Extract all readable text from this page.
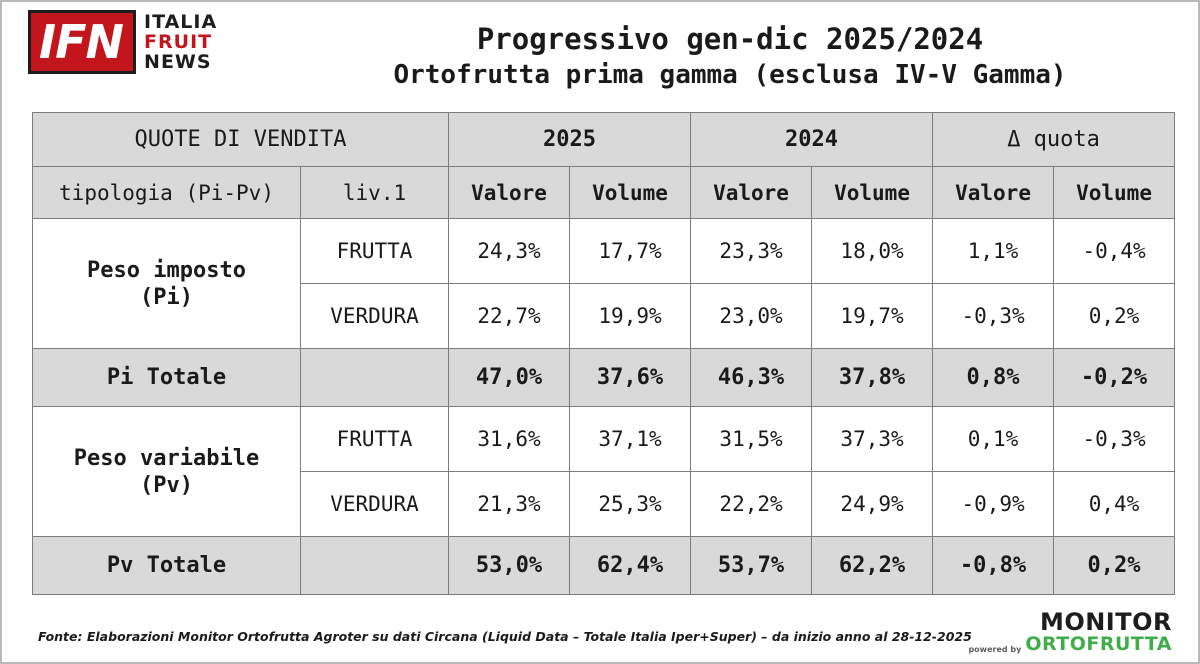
IFN	ITALIA
FRUIT
NEWS
Progressivo gen-dic 2025/2024
Ortofrutta prima gamma (esclusa IV-V Gamma)
QUOTE DI VENDITA		2025		2024		Δ quota	
tipologia (Pi-Pv)	liv.1	Valore	Volume	Valore	Volume	Valore	Volume

Peso imposto
(Pi)	FRUTTA	24,3%	17,7%	23,3%	18,0%	1,1%	-0,4%
	VERDURA	22,7%	19,9%	23,0%	19,7%	-0,3%	0,2%
Pi Totale		47,0%	37,6%	46,3%	37,8%	0,8%	-0,2%

Peso variabile
(Pv)	FRUTTA	31,6%	37,1%	31,5%	37,3%	0,1%	-0,3%
	VERDURA	21,3%	25,3%	22,2%	24,9%	-0,9%	0,4%
Pv Totale		53,0%	62,4%	53,7%	62,2%	-0,8%	0,2%
Fonte: Elaborazioni Monitor Ortofrutta Agroter su dati Circana (Liquid Data – Totale Italia Iper+Super) – da inizio anno al 28-12-2025
MONITOR
powered by ORTOFRUTTA
